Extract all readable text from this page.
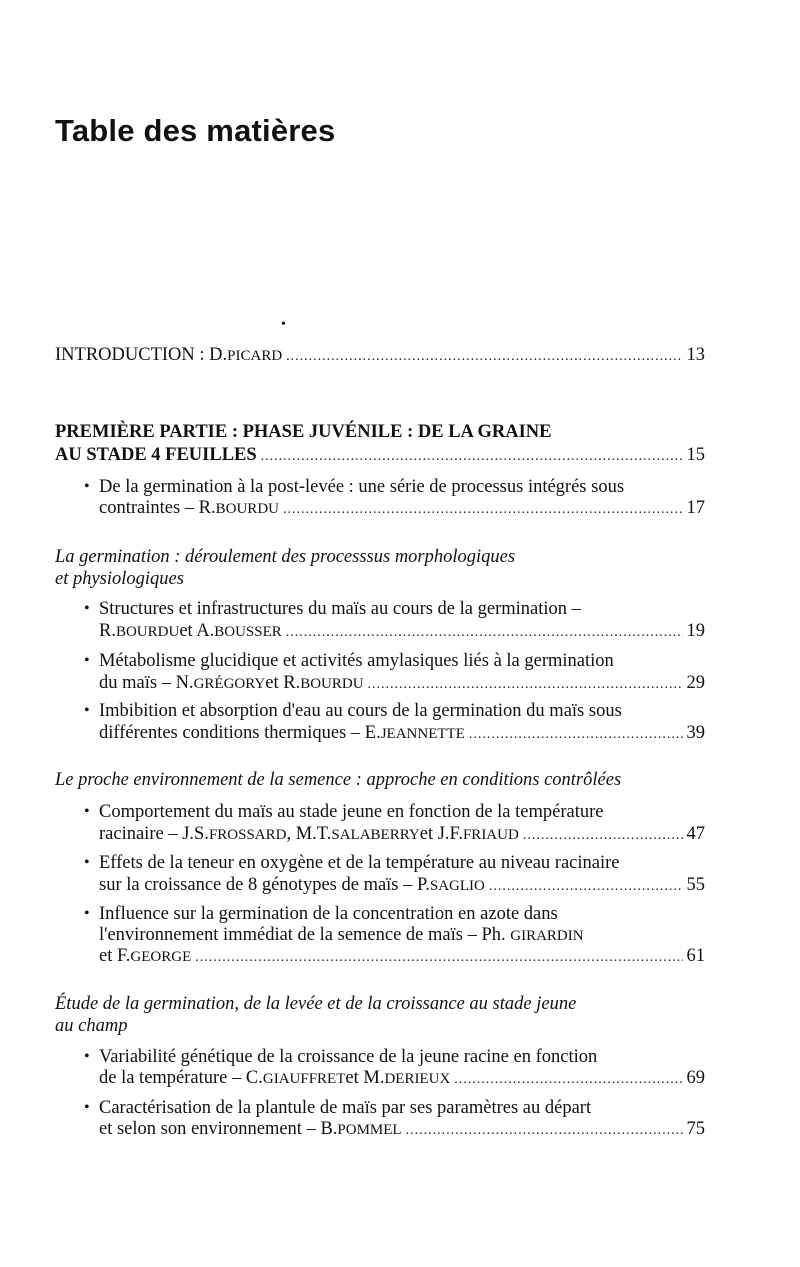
Table des matières
•
INTRODUCTION : D. PICARD .....	13
PREMIÈRE PARTIE : PHASE JUVÉNILE : DE LA GRAINE
AU STADE 4 FEUILLES .....	15
• De la germination à la post-levée : une série de processus intégrés sous
contraintes – R. BOURDU .....	17
La germination : déroulement des processsus morphologiques
et physiologiques
• Structures et infrastructures du maïs au cours de la germination –
R. BOURDU et A. BOUSSER .....	19
• Métabolisme glucidique et activités amylasiques liés à la germination
du maïs – N. GRÉGORY et R. BOURDU .....	29
• Imbibition et absorption d'eau au cours de la germination du maïs sous
différentes conditions thermiques – E. JEANNETTE .....	39
Le proche environnement de la semence : approche en conditions contrôlées
• Comportement du maïs au stade jeune en fonction de la température
racinaire – J.S. FROSSARD , M.T. SALABERRY et J.F. FRIAUD .....	47
• Effets de la teneur en oxygène et de la température au niveau racinaire
sur la croissance de 8 génotypes de maïs – P. SAGLIO .....	55
• Influence sur la germination de la concentration en azote dans
l'environnement immédiat de la semence de maïs – Ph. GIRARDIN
et F. GEORGE .....	61
Étude de la germination, de la levée et de la croissance au stade jeune
au champ
• Variabilité génétique de la croissance de la jeune racine en fonction
de la température – C. GIAUFFRET et M. DERIEUX .....	69
• Caractérisation de la plantule de maïs par ses paramètres au départ
et selon son environnement – B. POMMEL .....	75
